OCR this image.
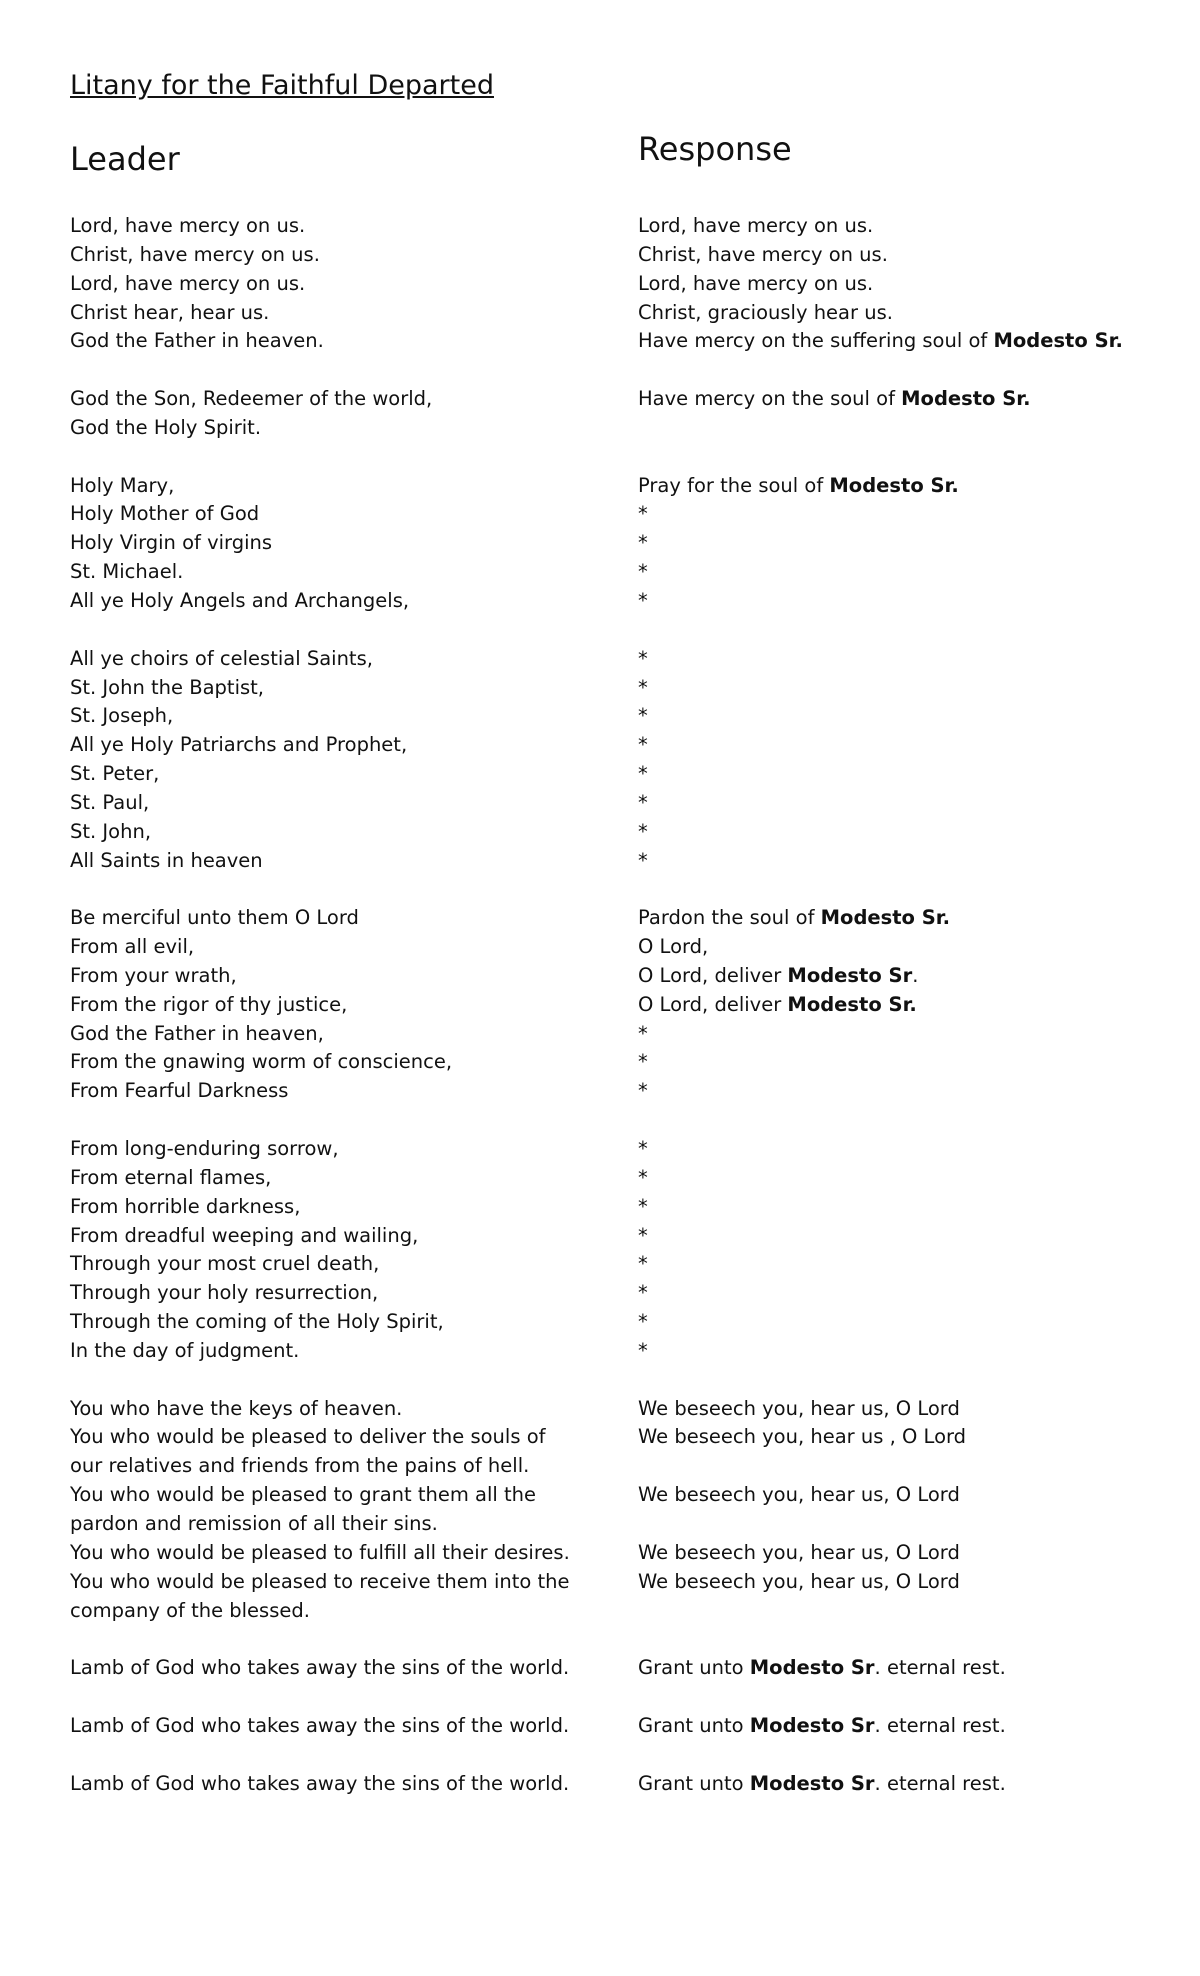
Litany for the Faithful Departed
Leader	Response
Lord, have mercy on us.
Christ, have mercy on us.
Lord, have mercy on us.
Christ hear, hear us.
God the Father in heaven.
God the Son, Redeemer of the world,
God the Holy Spirit.
Holy Mary,
Holy Mother of God
Holy Virgin of virgins
St. Michael.
All ye Holy Angels and Archangels,
All ye choirs of celestial Saints,
St. John the Baptist,
St. Joseph,
All ye Holy Patriarchs and Prophet,
St. Peter,
St. Paul,
St. John,
All Saints in heaven
Be merciful unto them O Lord
From all evil,
From your wrath,
From the rigor of thy justice,
God the Father in heaven,
From the gnawing worm of conscience,
From Fearful Darkness
From long-enduring sorrow,
From eternal flames,
From horrible darkness,
From dreadful weeping and wailing,
Through your most cruel death,
Through your holy resurrection,
Through the coming of the Holy Spirit,
In the day of judgment.
You who have the keys of heaven.
You who would be pleased to deliver the souls of
our relatives and friends from the pains of hell.
You who would be pleased to grant them all the
pardon and remission of all their sins.
You who would be pleased to fulfill all their desires.
You who would be pleased to receive them into the
company of the blessed.
Lamb of God who takes away the sins of the world.
Lamb of God who takes away the sins of the world.
Lamb of God who takes away the sins of the world.
Lord, have mercy on us.
Christ, have mercy on us.
Lord, have mercy on us.
Christ, graciously hear us.
Have mercy on the suffering soul of Modesto Sr.
Have mercy on the soul of Modesto Sr.
Pray for the soul of Modesto Sr.
*
*
*
*
*
*
*
*
*
*
*
*
Pardon the soul of Modesto Sr.
O Lord,
O Lord, deliver Modesto Sr.
O Lord, deliver Modesto Sr.
*
*
*
*
*
*
*
*
*
*
*
We beseech you, hear us, O Lord
We beseech you, hear us , O Lord
We beseech you, hear us, O Lord
We beseech you, hear us, O Lord
We beseech you, hear us, O Lord
Grant unto Modesto Sr. eternal rest.
Grant unto Modesto Sr. eternal rest.
Grant unto Modesto Sr. eternal rest.
